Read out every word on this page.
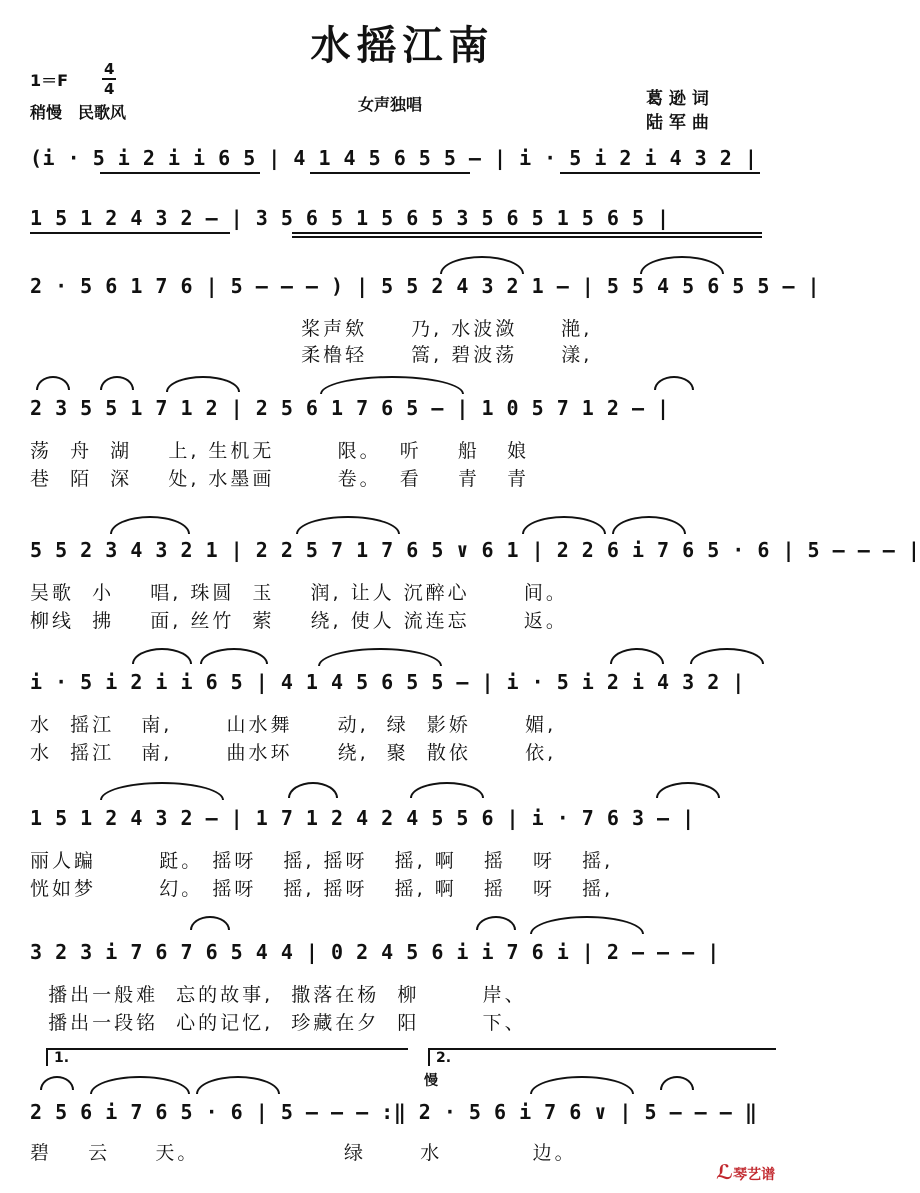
水摇江南
1＝F
4
4
稍慢　民歌风	女声独唱	葛 逊 词
陆 军 曲
(i · 5 i 2 i i 6 5 | 4 1 4 5 6 5 5 – | i · 5 i 2 i 4 3 2 |
1 5 1 2 4 3 2 – | 3 5 6 5 1 5 6 5 3 5 6 5 1 5 6 5 |
2 · 5 6 1 7 6 | 5 – – – ) | 5 5 2 4 3 2 1 – | 5 5 4 5 6 5 5 – |
桨声欸　　乃, 水波潋　　滟,
柔橹轻　　篙, 碧波荡　　漾,
2 3 5 5 1 7 1 2 | 2 5 6 1 7 6 5 – | 1 0 5 7 1 2 – |
荡  舟  湖    上, 生机无       限。  听    船   娘
巷  陌  深    处, 水墨画       卷。  看    青   青
5 5 2 3 4 3 2 1 | 2 2 5 7 1 7 6 5 ∨ 6 1 | 2 2 6 i 7 6 5 · 6 | 5 – – – |
吴歌  小    唱, 珠圆  玉    润, 让人 沉醉心      间。
柳线  拂    面, 丝竹  萦    绕, 使人 流连忘      返。
i · 5 i 2 i i 6 5 | 4 1 4 5 6 5 5 – | i · 5 i 2 i 4 3 2 |
水  摇江   南,      山水舞     动,  绿  影娇      媚,
水  摇江   南,      曲水环     绕,  聚  散依      依,
1 5 1 2 4 3 2 – | 1 7 1 2 4 2 4 5 5 6 | i · 7 6 3 – |
丽人蹁       跹。 摇呀   摇, 摇呀   摇, 啊   摇   呀   摇,
恍如梦       幻。 摇呀   摇, 摇呀   摇, 啊   摇   呀   摇,
3 2 3 i 7 6 7 6 5 4 4 | 0 2 4 5 6 i i 7 6 i | 2 – – – |
播出一般难  忘的故事,  撒落在杨  柳       岸、
播出一段铭  心的记忆,  珍藏在夕  阳       下、
1.	2.
慢
2 5 6 i 7 6 5 · 6 | 5 – – – :‖ 2 · 5 6 i 7 6 ∨ | 5 – – – ‖
碧    云     天。                绿      水          边。
ℒ琴艺谱
